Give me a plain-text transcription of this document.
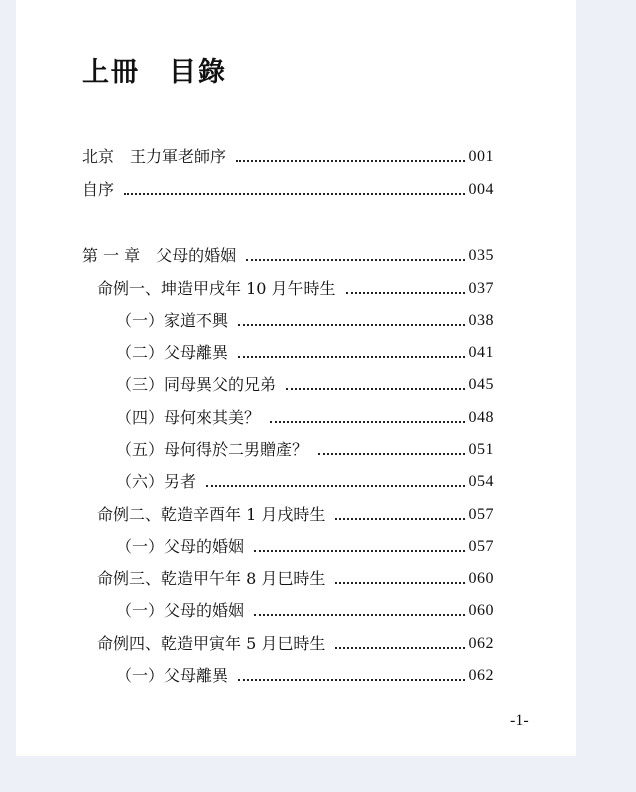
上冊　目錄
北京　王力軍老師序	001
自序	004
第 一 章　父母的婚姻	035
命例一、坤造甲戌年 10 月午時生	037
（一）家道不興	038
（二）父母離異	041
（三）同母異父的兄弟	045
（四）母何來其美？	048
（五）母何得於二男贈產？	051
（六）另者	054
命例二、乾造辛酉年 1 月戌時生	057
（一）父母的婚姻	057
命例三、乾造甲午年 8 月巳時生	060
（一）父母的婚姻	060
命例四、乾造甲寅年 5 月巳時生	062
（一）父母離異	062
-1-
